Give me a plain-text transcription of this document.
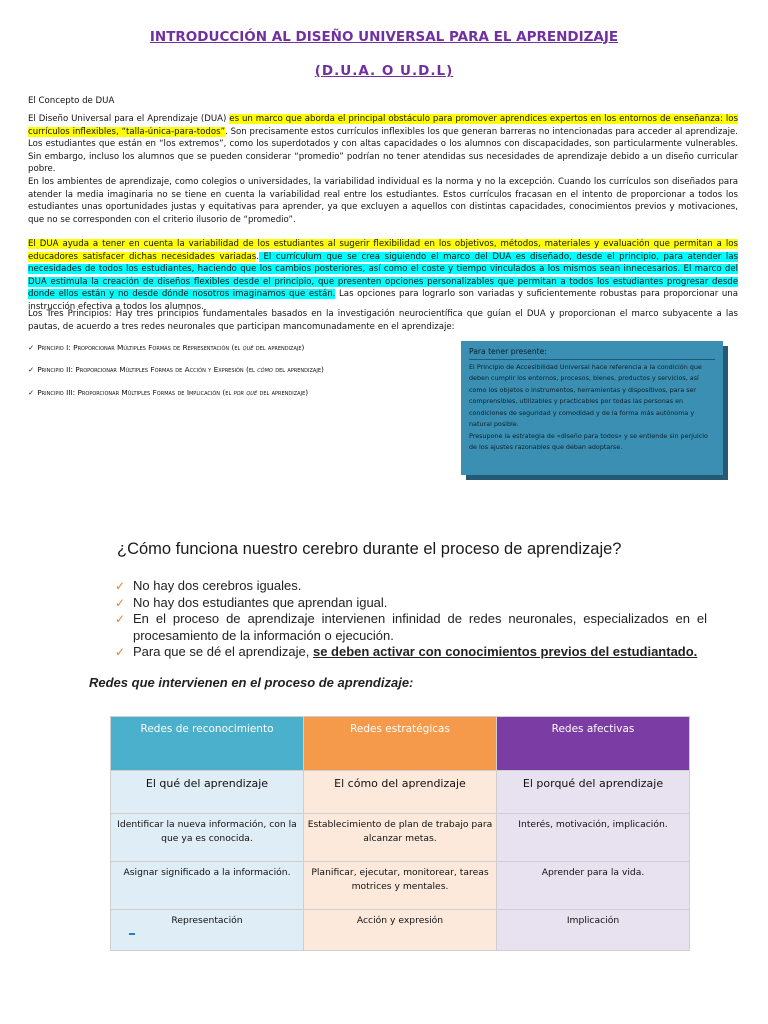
INTRODUCCIÓN AL DISEÑO UNIVERSAL PARA EL APRENDIZAJE
(D.U.A. O U.D.L)
El Concepto de DUA
El Diseño Universal para el Aprendizaje (DUA) es un marco que aborda el principal obstáculo para promover aprendices expertos en los entornos de enseñanza: los currículos inflexibles, “talla-única-para-todos”. Son precisamente estos currículos inflexibles los que generan barreras no intencionadas para acceder al aprendizaje. Los estudiantes que están en “los extremos”, como los superdotados y con altas capacidades o los alumnos con discapacidades, son particularmente vulnerables. Sin embargo, incluso los alumnos que se pueden considerar “promedio” podrían no tener atendidas sus necesidades de aprendizaje debido a un diseño curricular pobre.
En los ambientes de aprendizaje, como colegios o universidades, la variabilidad individual es la norma y no la excepción. Cuando los currículos son diseñados para atender la media imaginaria no se tiene en cuenta la variabilidad real entre los estudiantes. Estos currículos fracasan en el intento de proporcionar a todos los estudiantes unas oportunidades justas y equitativas para aprender, ya que excluyen a aquellos con distintas capacidades, conocimientos previos y motivaciones, que no se corresponden con el criterio ilusorio de “promedio”.
El DUA ayuda a tener en cuenta la variabilidad de los estudiantes al sugerir flexibilidad en los objetivos, métodos, materiales y evaluación que permitan a los educadores satisfacer dichas necesidades variadas. El currículum que se crea siguiendo el marco del DUA es diseñado, desde el principio, para atender las necesidades de todos los estudiantes, haciendo que los cambios posteriores, así como el coste y tiempo vinculados a los mismos sean innecesarios. El marco del DUA estimula la creación de diseños flexibles desde el principio, que presenten opciones personalizables que permitan a todos los estudiantes progresar desde donde ellos están y no desde dónde nosotros imaginamos que están. Las opciones para lograrlo son variadas y suficientemente robustas para proporcionar una instrucción efectiva a todos los alumnos.
Los Tres Principios: Hay tres principios fundamentales basados en la investigación neurocientífica que guían el DUA y proporcionan el marco subyacente a las pautas, de acuerdo a tres redes neuronales que participan mancomunadamente en el aprendizaje:
✓ Principio I: Proporcionar Múltiples Formas de Representación (el qué del aprendizaje)
✓ Principio II: Proporcionar Múltiples Formas de Acción y Expresión (el cómo del aprendizaje)
✓ Principio III: Proporcionar Múltiples Formas de Implicación (el por qué del aprendizaje)
Para tener presente:
El Principio de Accesibilidad Universal hace referencia a la condición que deben cumplir los entornos, procesos, bienes, productos y servicios, así como los objetos o instrumentos, herramientas y dispositivos, para ser comprensibles, utilizables y practicables por todas las personas en condiciones de seguridad y comodidad y de la forma más autónoma y natural posible.
Presupone la estrategia de «diseño para todos» y se entiende sin perjuicio de los ajustes razonables que deban adoptarse.
¿Cómo funciona nuestro cerebro durante el proceso de aprendizaje?
✓ No hay dos cerebros iguales.
✓ No hay dos estudiantes que aprendan igual.
✓ En el proceso de aprendizaje intervienen infinidad de redes neuronales, especializados en el procesamiento de la información o ejecución.
✓ Para que se dé el aprendizaje, se deben activar con conocimientos previos del estudiantado.
Redes que intervienen en el proceso de aprendizaje:
Redes de reconocimiento	Redes estratégicas	Redes afectivas
El qué del aprendizaje	El cómo del aprendizaje	El porqué del aprendizaje
Identificar la nueva información, con la que ya es conocida.	Establecimiento de plan de trabajo para alcanzar metas.	Interés, motivación, implicación.
Asignar significado a la información.	Planificar, ejecutar, monitorear, tareas motrices y mentales.	Aprender para la vida.
Representación	Acción y expresión	Implicación
